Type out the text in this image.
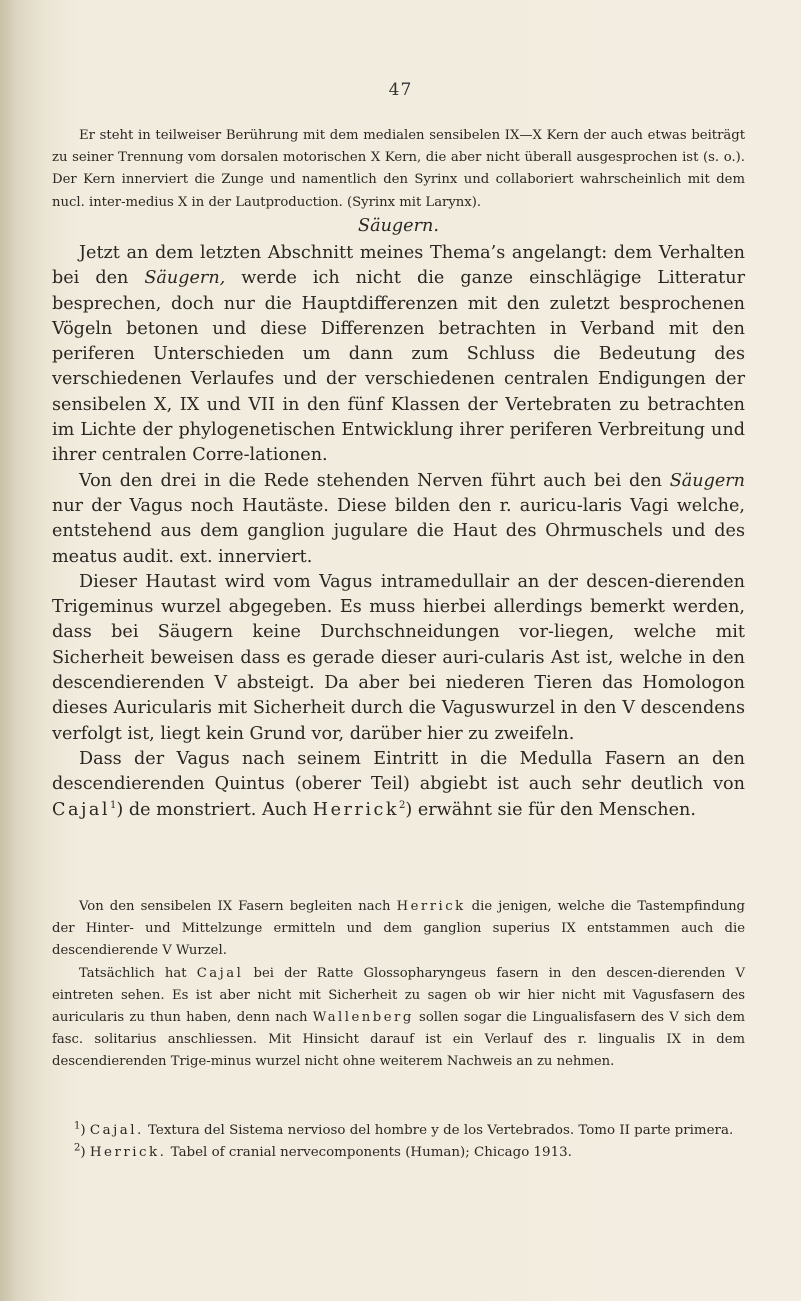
47

Er steht in teilweiser Berührung mit dem medialen sensibelen IX—X Kern der auch etwas beiträgt zu seiner Trennung vom dorsalen motorischen X Kern, die aber nicht überall ausgesprochen ist (s. o.). Der Kern innerviert die Zunge und namentlich den Syrinx und collaboriert wahrscheinlich mit dem nucl. inter-medius X in der Lautproduction. (Syrinx mit Larynx).

Säugern.

Jetzt an dem letzten Abschnitt meines Thema’s angelangt: dem Verhalten bei den Säugern, werde ich nicht die ganze einschlägige Litteratur besprechen, doch nur die Hauptdifferenzen mit den zuletzt besprochenen Vögeln betonen und diese Differenzen betrachten in Verband mit den periferen Unterschieden um dann zum Schluss die Bedeutung des verschiedenen Verlaufes und der verschiedenen centralen Endigungen der sensibelen X, IX und VII in den fünf Klassen der Vertebraten zu betrachten im Lichte der phylogenetischen Entwicklung ihrer periferen Verbreitung und ihrer centralen Corre-lationen.

Von den drei in die Rede stehenden Nerven führt auch bei den Säugern nur der Vagus noch Hautäste. Diese bilden den r. auricu-laris Vagi welche, entstehend aus dem ganglion jugulare die Haut des Ohrmuschels und des meatus audit. ext. innerviert.

Dieser Hautast wird vom Vagus intramedullair an der descen-dierenden Trigeminus wurzel abgegeben. Es muss hierbei allerdings bemerkt werden, dass bei Säugern keine Durchschneidungen vor-liegen, welche mit Sicherheit beweisen dass es gerade dieser auri-cularis Ast ist, welche in den descendierenden V absteigt. Da aber bei niederen Tieren das Homologon dieses Auricularis mit Sicherheit durch die Vaguswurzel in den V descendens verfolgt ist, liegt kein Grund vor, darüber hier zu zweifeln.

Dass der Vagus nach seinem Eintritt in die Medulla Fasern an den descendierenden Quintus (oberer Teil) abgiebt ist auch sehr deutlich von Cajal$^1$) de monstriert. Auch Herrick$^2$) erwähnt sie für den Menschen.

Von den sensibelen IX Fasern begleiten nach Herrick die jenigen, welche die Tastempfindung der Hinter- und Mittelzunge ermitteln und dem ganglion superius IX entstammen auch die descendierende V Wurzel.

Tatsächlich hat Cajal bei der Ratte Glossopharyngeus fasern in den descen-dierenden V eintreten sehen. Es ist aber nicht mit Sicherheit zu sagen ob wir hier nicht mit Vagusfasern des auricularis zu thun haben, denn nach Wallenberg sollen sogar die Lingualisfasern des V sich dem fasc. solitarius anschliessen. Mit Hinsicht darauf ist ein Verlauf des r. lingualis IX in dem descendierenden Trige-minus wurzel nicht ohne weiterem Nachweis an zu nehmen.

$^1$) Cajal. Textura del Sistema nervioso del hombre y de los Vertebrados. Tomo II parte primera.

$^2$) Herrick. Tabel of cranial nervecomponents (Human); Chicago 1913.
